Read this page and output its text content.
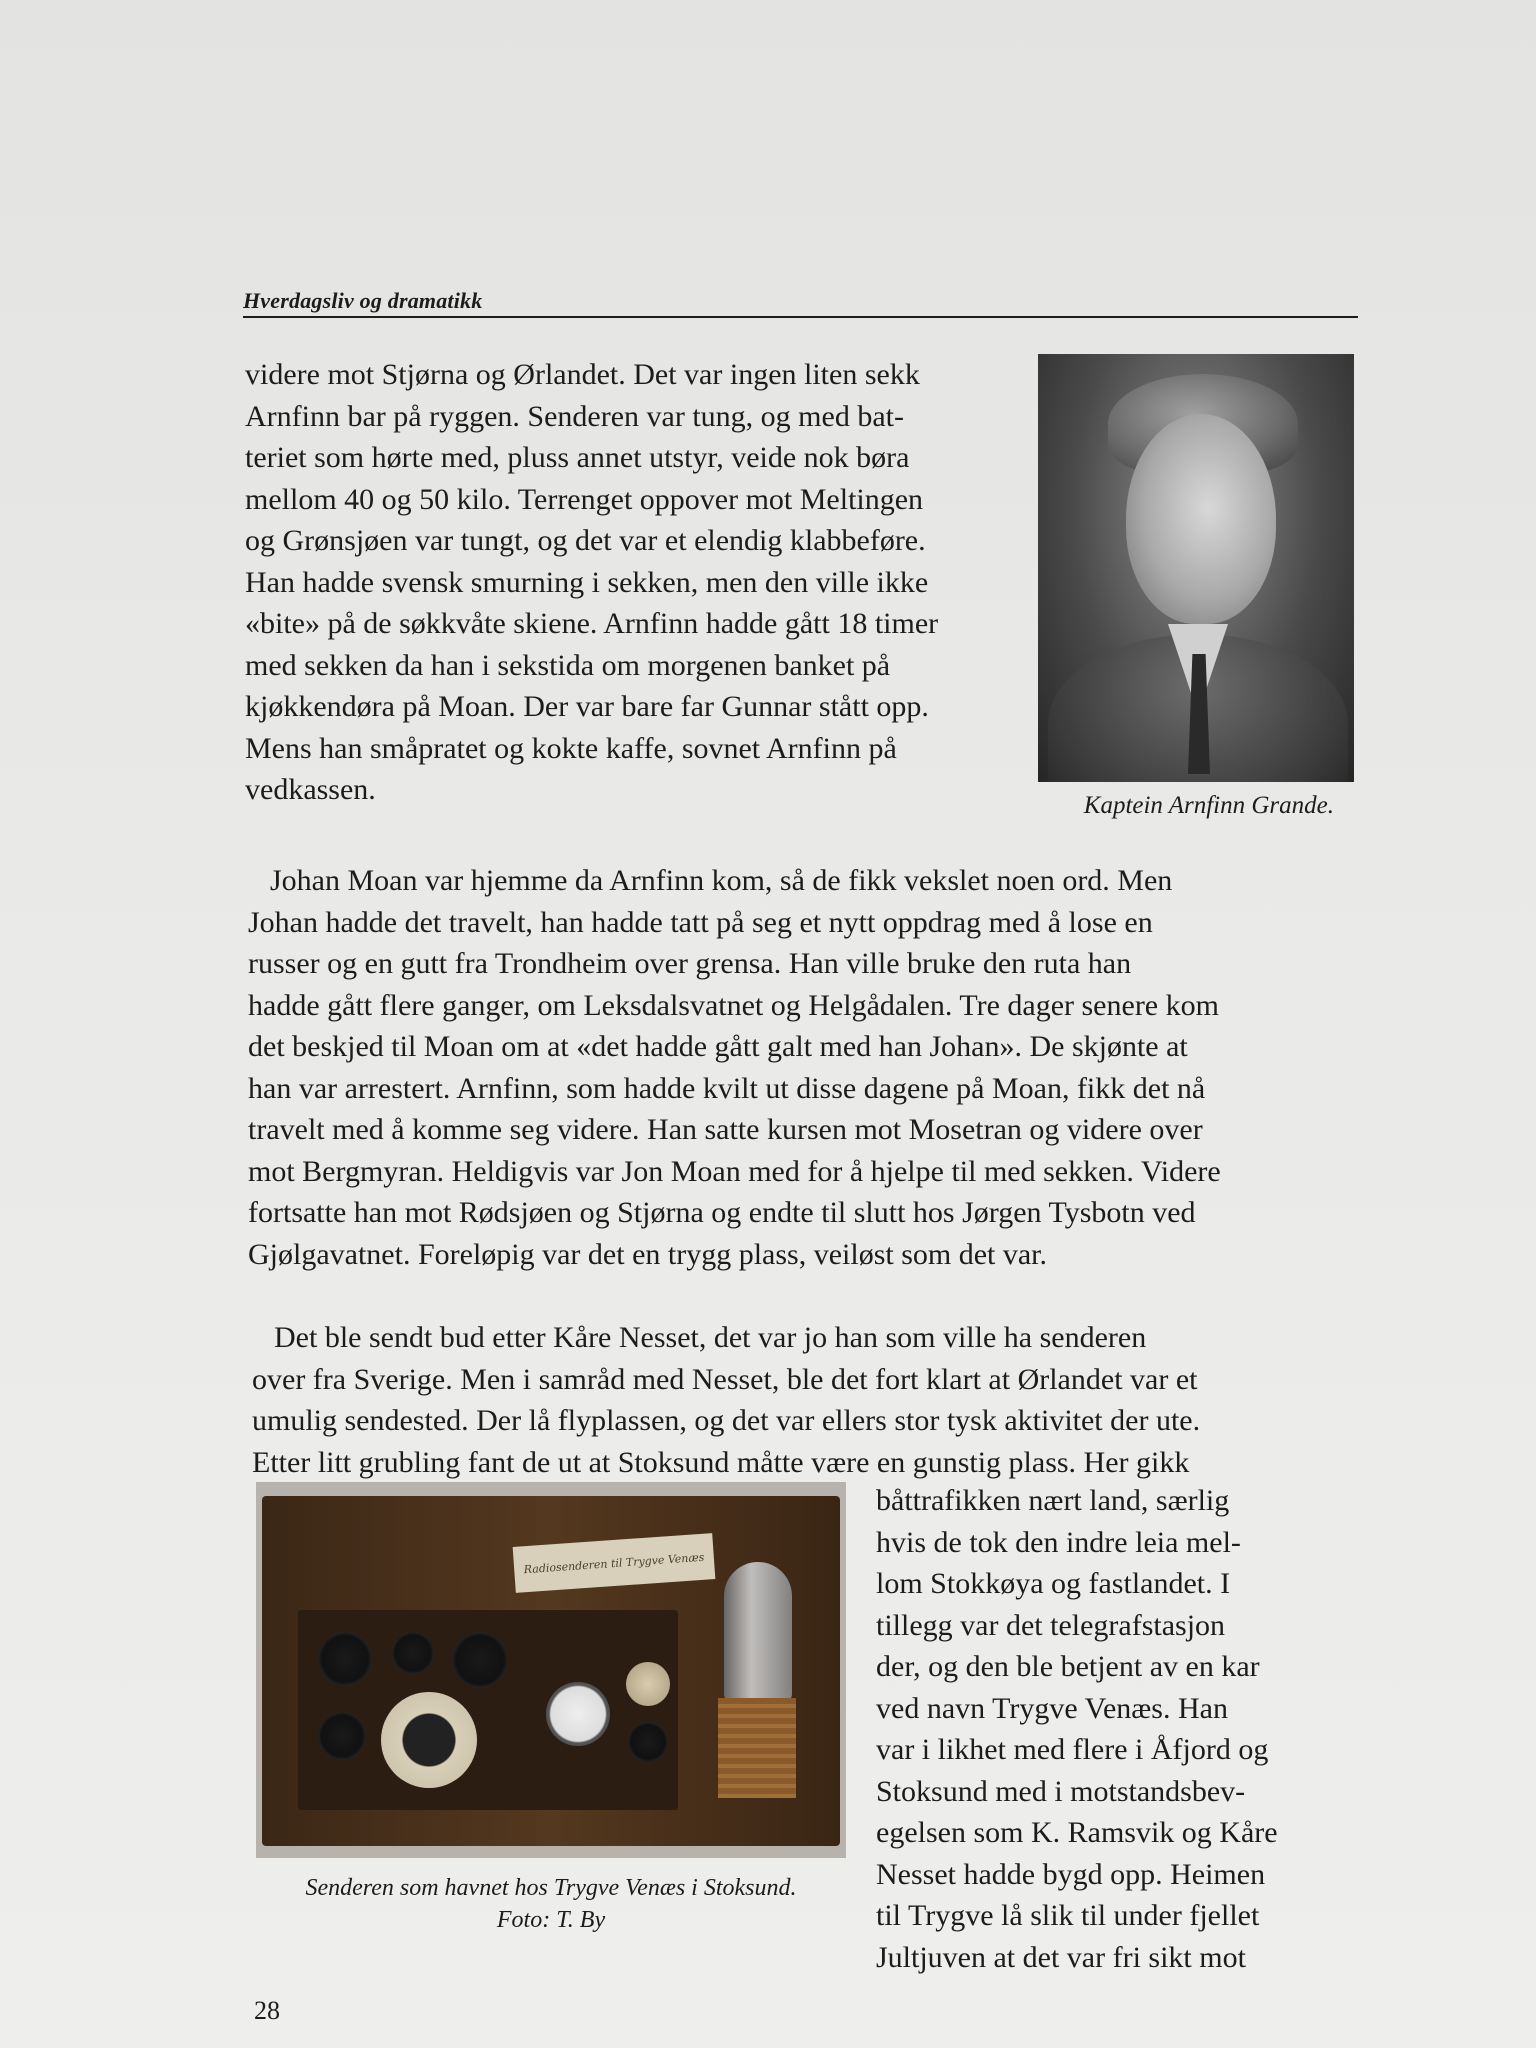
Hverdagsliv og dramatikk
videre mot Stjørna og Ørlandet. Det var ingen liten sekk
Arnfinn bar på ryggen. Senderen var tung, og med bat-
teriet som hørte med, pluss annet utstyr, veide nok børa
mellom 40 og 50 kilo. Terrenget oppover mot Meltingen
og Grønsjøen var tungt, og det var et elendig klabbeføre.
Han hadde svensk smurning i sekken, men den ville ikke
«bite» på de søkkvåte skiene. Arnfinn hadde gått 18 timer
med sekken da han i sekstida om morgenen banket på
kjøkkendøra på Moan. Der var bare far Gunnar stått opp.
Mens han småpratet og kokte kaffe, sovnet Arnfinn på
vedkassen.	Kaptein Arnfinn Grande.
Johan Moan var hjemme da Arnfinn kom, så de fikk vekslet noen ord. Men
Johan hadde det travelt, han hadde tatt på seg et nytt oppdrag med å lose en
russer og en gutt fra Trondheim over grensa. Han ville bruke den ruta han
hadde gått flere ganger, om Leksdalsvatnet og Helgådalen. Tre dager senere kom
det beskjed til Moan om at «det hadde gått galt med han Johan». De skjønte at
han var arrestert. Arnfinn, som hadde kvilt ut disse dagene på Moan, fikk det nå
travelt med å komme seg videre. Han satte kursen mot Mosetran og videre over
mot Bergmyran. Heldigvis var Jon Moan med for å hjelpe til med sekken. Videre
fortsatte han mot Rødsjøen og Stjørna og endte til slutt hos Jørgen Tysbotn ved
Gjølgavatnet. Foreløpig var det en trygg plass, veiløst som det var.
Det ble sendt bud etter Kåre Nesset, det var jo han som ville ha senderen
over fra Sverige. Men i samråd med Nesset, ble det fort klart at Ørlandet var et
umulig sendested. Der lå flyplassen, og det var ellers stor tysk aktivitet der ute.
Etter litt grubling fant de ut at Stoksund måtte være en gunstig plass. Her gikk
båttrafikken nært land, særlig
hvis de tok den indre leia mel-
lom Stokkøya og fastlandet. I
tillegg var det telegrafstasjon
der, og den ble betjent av en kar
ved navn Trygve Venæs. Han
var i likhet med flere i Åfjord og
Stoksund med i motstandsbev-
egelsen som K. Ramsvik og Kåre
Nesset hadde bygd opp. Heimen
til Trygve lå slik til under fjellet
Jultjuven at det var fri sikt mot
Radiosenderen til Trygve Venæs
Senderen som havnet hos Trygve Venæs i Stoksund.
Foto: T. By
28
